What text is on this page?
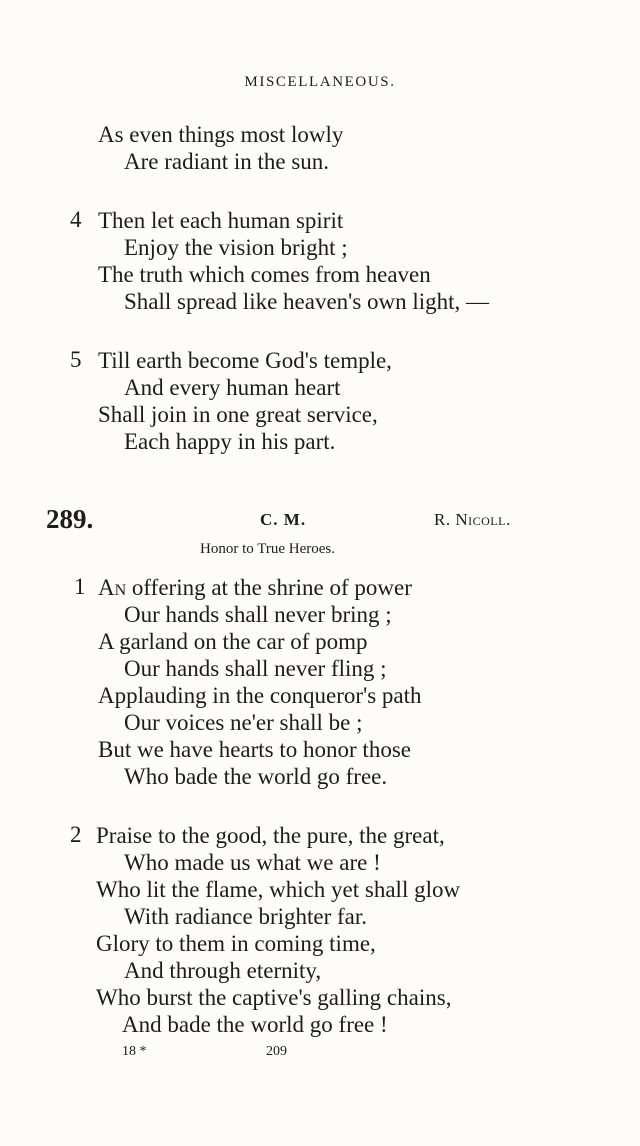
MISCELLANEOUS.
As even things most lowly
Are radiant in the sun.
4 Then let each human spirit
Enjoy the vision bright ;
The truth which comes from heaven
Shall spread like heaven's own light, —
5 Till earth become God's temple,
And every human heart
Shall join in one great service,
Each happy in his part.
289.	C. M.	R. Nicoll.
Honor to True Heroes.
1 An offering at the shrine of power
Our hands shall never bring ;
A garland on the car of pomp
Our hands shall never fling ;
Applauding in the conqueror's path
Our voices ne'er shall be ;
But we have hearts to honor those
Who bade the world go free.
2 Praise to the good, the pure, the great,
Who made us what we are !
Who lit the flame, which yet shall glow
With radiance brighter far.
Glory to them in coming time,
And through eternity,
Who burst the captive's galling chains,
And bade the world go free !
18 *	209
